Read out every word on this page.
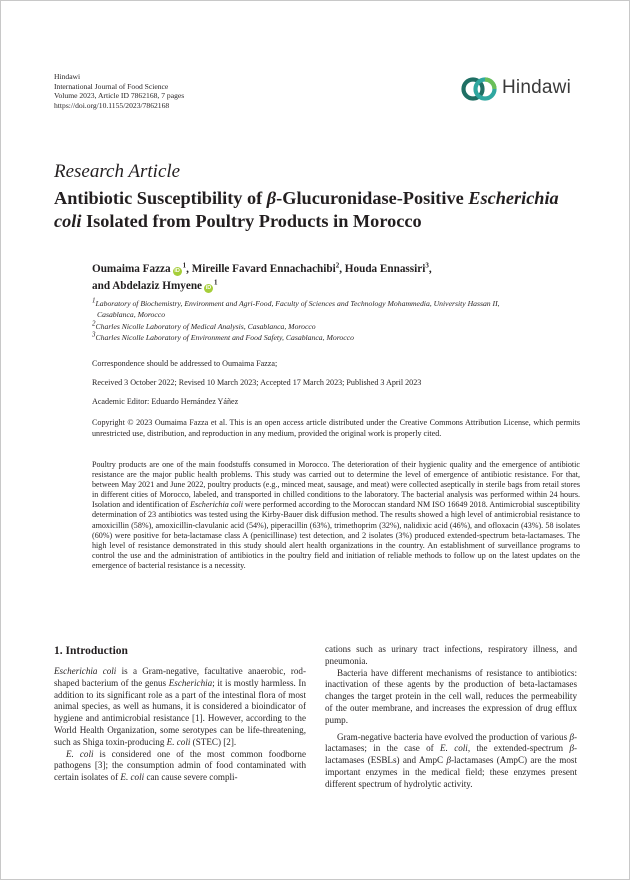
Hindawi
International Journal of Food Science
Volume 2023, Article ID 7862168, 7 pages
https://doi.org/10.1155/2023/7862168
Hindawi
Research Article
Antibiotic Susceptibility of β-Glucuronidase-Positive Escherichia coli Isolated from Poultry Products in Morocco
Oumaima Fazza $iD^1$, Mireille Favard Ennachachibi$^2$, Houda Ennassiri$^3$,
and Abdelaziz Hmyene $iD^1$

$^1$Laboratory of Biochemistry, Environment and Agri-Food, Faculty of Sciences and Technology Mohammedia, University Hassan II,

Casablanca, Morocco

$^2$Charles Nicolle Laboratory of Medical Analysis, Casablanca, Morocco

$^3$Charles Nicolle Laboratory of Environment and Food Safety, Casablanca, Morocco

Correspondence should be addressed to Oumaima Fazza;
Received 3 October 2022; Revised 10 March 2023; Accepted 17 March 2023; Published 3 April 2023
Academic Editor: Eduardo Hernández Yáñez
Copyright © 2023 Oumaima Fazza et al. This is an open access article distributed under the Creative Commons Attribution License, which permits unrestricted use, distribution, and reproduction in any medium, provided the original work is properly cited.
Poultry products are one of the main foodstuffs consumed in Morocco. The deterioration of their hygienic quality and the emergence of antibiotic resistance are the major public health problems. This study was carried out to determine the level of emergence of antibiotic resistance. For that, between May 2021 and June 2022, poultry products (e.g., minced meat, sausage, and meat) were collected aseptically in sterile bags from retail stores in different cities of Morocco, labeled, and transported in chilled conditions to the laboratory. The bacterial analysis was performed within 24 hours. Isolation and identification of Escherichia coli were performed according to the Moroccan standard NM ISO 16649 2018. Antimicrobial susceptibility determination of 23 antibiotics was tested using the Kirby-Bauer disk diffusion method. The results showed a high level of antimicrobial resistance to amoxicillin (58%), amoxicillin-clavulanic acid (54%), piperacillin (63%), trimethoprim (32%), nalidixic acid (46%), and ofloxacin (43%). 58 isolates (60%) were positive for beta-lactamase class A (penicillinase) test detection, and 2 isolates (3%) produced extended-spectrum beta-lactamases. The high level of resistance demonstrated in this study should alert health organizations in the country. An establishment of surveillance programs to control the use and the administration of antibiotics in the poultry field and initiation of reliable methods to follow up on the latest updates on the emergence of bacterial resistance is a necessity.
1. Introduction

Escherichia coli is a Gram-negative, facultative anaerobic, rod-shaped bacterium of the genus Escherichia; it is mostly harmless. In addition to its significant role as a part of the intestinal flora of most animal species, as well as humans, it is considered a bioindicator of hygiene and antimicrobial resistance [1]. However, according to the World Health Organization, some serotypes can be life-threatening, such as Shiga toxin-producing E. coli (STEC) [2].

E. coli is considered one of the most common foodborne pathogens [3]; the consumption admin of food contaminated with certain isolates of E. coli can cause severe compli-

cations such as urinary tract infections, respiratory illness, and pneumonia.

Bacteria have different mechanisms of resistance to antibiotics: inactivation of these agents by the production of beta-lactamases changes the target protein in the cell wall, reduces the permeability of the outer membrane, and increases the expression of drug efflux pump.

Gram-negative bacteria have evolved the production of various β-lactamases; in the case of E. coli, the extended-spectrum β-lactamases (ESBLs) and AmpC β-lactamases (AmpC) are the most important enzymes in the medical field; these enzymes present different spectrum of hydrolytic activity.
